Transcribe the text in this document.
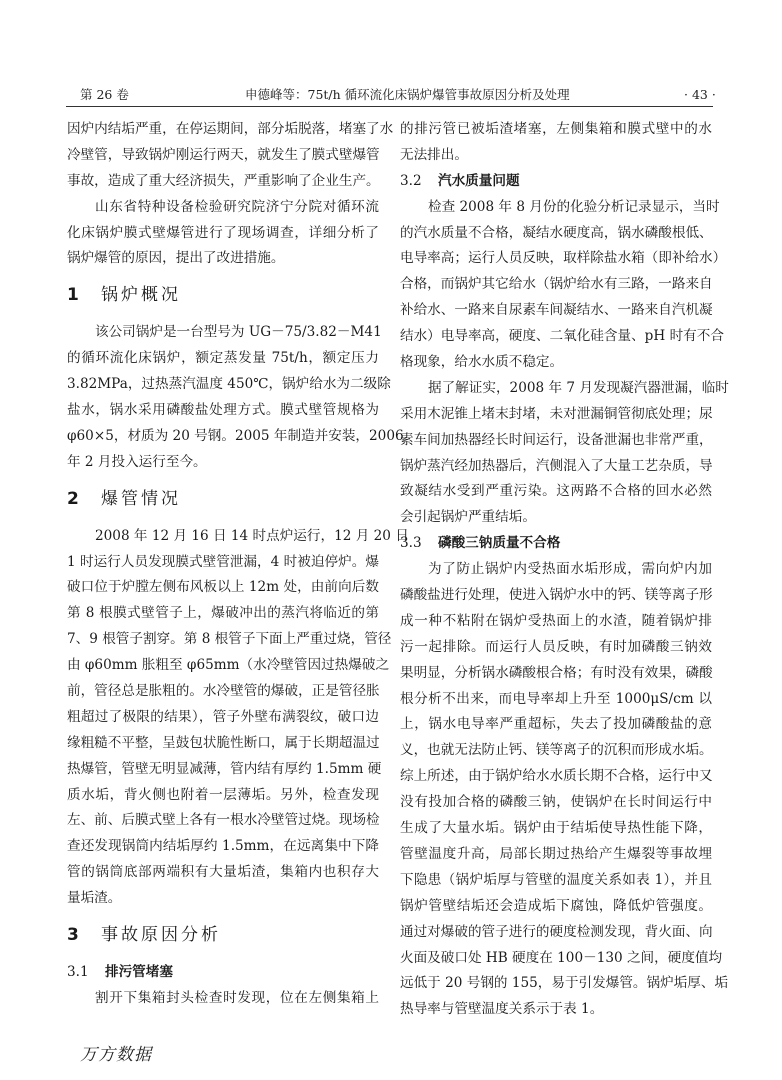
第 26 卷	申德峰等：75t/h 循环流化床锅炉爆管事故原因分析及处理	· 43 ·
因炉内结垢严重，在停运期间，部分垢脱落，堵塞了水
冷壁管，导致锅炉刚运行两天，就发生了膜式壁爆管
事故，造成了重大经济损失，严重影响了企业生产。
山东省特种设备检验研究院济宁分院对循环流
化床锅炉膜式壁爆管进行了现场调查，详细分析了
锅炉爆管的原因，提出了改进措施。
1 锅炉概况
该公司锅炉是一台型号为 UG－75/3.82－M41
的循环流化床锅炉，额定蒸发量 75t/h，额定压力
3.82MPa，过热蒸汽温度 450℃，锅炉给水为二级除
盐水，锅水采用磷酸盐处理方式。膜式壁管规格为
φ60×5，材质为 20 号钢。2005 年制造并安装，2006
年 2 月投入运行至今。
2 爆管情况
2008 年 12 月 16 日 14 时点炉运行，12 月 20 日
1 时运行人员发现膜式壁管泄漏，4 时被迫停炉。爆
破口位于炉膛左侧布风板以上 12m 处，由前向后数
第 8 根膜式壁管子上，爆破冲出的蒸汽将临近的第
7、9 根管子割穿。第 8 根管子下面上严重过烧，管径
由 φ60mm 胀粗至 φ65mm（水冷壁管因过热爆破之
前，管径总是胀粗的。水冷壁管的爆破，正是管径胀
粗超过了极限的结果），管子外壁布满裂纹，破口边
缘粗糙不平整，呈鼓包状脆性断口，属于长期超温过
热爆管，管壁无明显减薄，管内结有厚约 1.5mm 硬
质水垢，背火侧也附着一层薄垢。另外，检查发现
左、前、后膜式壁上各有一根水冷壁管过烧。现场检
查还发现锅筒内结垢厚约 1.5mm，在远离集中下降
管的锅筒底部两端积有大量垢渣，集箱内也积存大
量垢渣。
3 事故原因分析
3.1 排污管堵塞
割开下集箱封头检查时发现，位在左侧集箱上
的排污管已被垢渣堵塞，左侧集箱和膜式壁中的水
无法排出。
3.2 汽水质量问题
检查 2008 年 8 月份的化验分析记录显示，当时
的汽水质量不合格，凝结水硬度高，锅水磷酸根低、
电导率高；运行人员反映，取样除盐水箱（即补给水）
合格，而锅炉其它给水（锅炉给水有三路，一路来自
补给水、一路来自尿素车间凝结水、一路来自汽机凝
结水）电导率高，硬度、二氧化硅含量、pH 时有不合
格现象，给水水质不稳定。
据了解证实，2008 年 7 月发现凝汽器泄漏，临时
采用木泥锥上堵末封堵，未对泄漏铜管彻底处理；尿
素车间加热器经长时间运行，设备泄漏也非常严重，
锅炉蒸汽经加热器后，汽侧混入了大量工艺杂质，导
致凝结水受到严重污染。这两路不合格的回水必然
会引起锅炉严重结垢。
3.3 磷酸三钠质量不合格
为了防止锅炉内受热面水垢形成，需向炉内加
磷酸盐进行处理，使进入锅炉水中的钙、镁等离子形
成一种不粘附在锅炉受热面上的水渣，随着锅炉排
污一起排除。而运行人员反映，有时加磷酸三钠效
果明显，分析锅水磷酸根合格；有时没有效果，磷酸
根分析不出来，而电导率却上升至 1000μS/cm 以
上，锅水电导率严重超标，失去了投加磷酸盐的意
义，也就无法防止钙、镁等离子的沉积而形成水垢。
综上所述，由于锅炉给水水质长期不合格，运行中又
没有投加合格的磷酸三钠，使锅炉在长时间运行中
生成了大量水垢。锅炉由于结垢使导热性能下降，
管壁温度升高，局部长期过热给产生爆裂等事故埋
下隐患（锅炉垢厚与管壁的温度关系如表 1），并且
锅炉管壁结垢还会造成垢下腐蚀，降低炉管强度。
通过对爆破的管子进行的硬度检测发现，背火面、向
火面及破口处 HB 硬度在 100－130 之间，硬度值均
远低于 20 号钢的 155，易于引发爆管。锅炉垢厚、垢
热导率与管壁温度关系示于表 1。
万方数据
